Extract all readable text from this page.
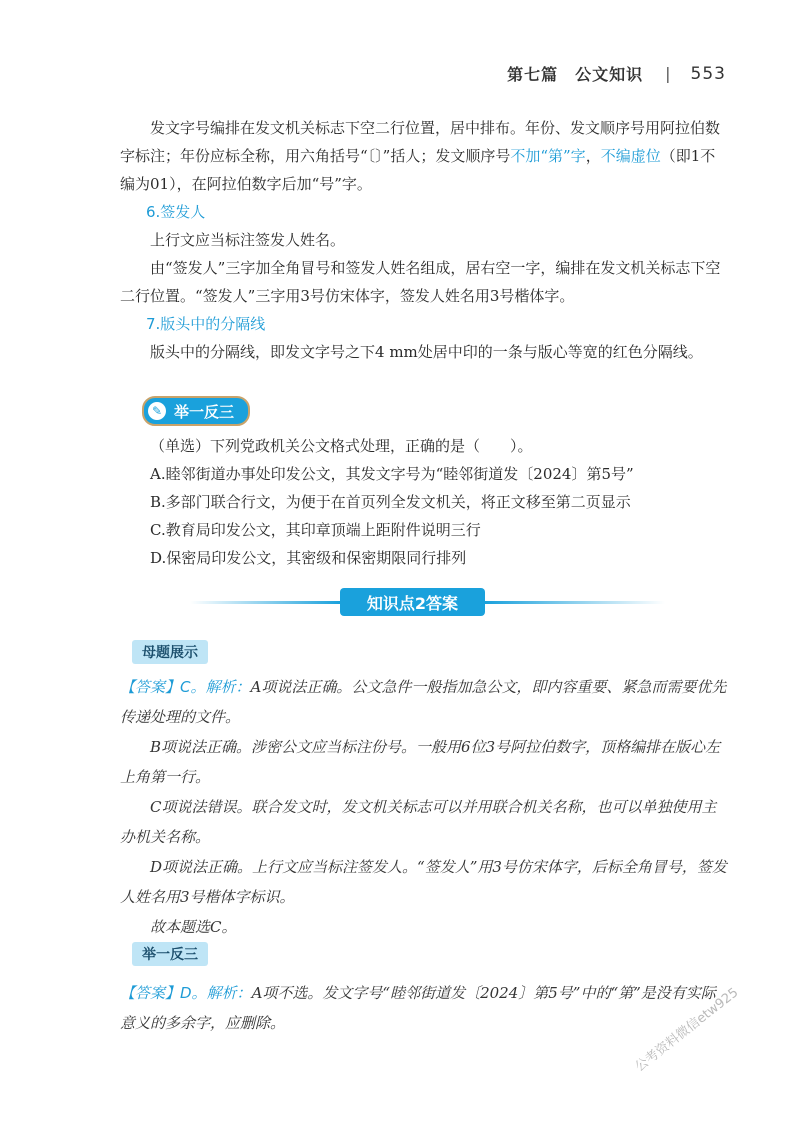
第七篇　公文知识 | 553

发文字号编排在发文机关标志下空二行位置，居中排布。年份、发文顺序号用阿拉伯数字标注；年份应标全称，用六角括号“〔〕”括人；发文顺序号不加“第”字，不编虚位（即1不编为01），在阿拉伯数字后加“号”字。

6.签发人

上行文应当标注签发人姓名。

由“签发人”三字加全角冒号和签发人姓名组成，居右空一字，编排在发文机关标志下空二行位置。“签发人”三字用3号仿宋体字，签发人姓名用3号楷体字。

7.版头中的分隔线

版头中的分隔线，即发文字号之下4 mm处居中印的一条与版心等宽的红色分隔线。

✎ 举一反三

（单选）下列党政机关公文格式处理，正确的是（　　）。

A.睦邻街道办事处印发公文，其发文字号为“睦邻街道发〔2024〕第5号”

B.多部门联合行文，为便于在首页列全发文机关，将正文移至第二页显示

C.教育局印发公文，其印章顶端上距附件说明三行

D.保密局印发公文，其密级和保密期限同行排列

知识点2答案
母题展示

【答案】C。解析：A项说法正确。公文急件一般指加急公文，即内容重要、紧急而需要优先传递处理的文件。

B项说法正确。涉密公文应当标注份号。一般用6位3号阿拉伯数字，顶格编排在版心左上角第一行。

C项说法错误。联合发文时，发文机关标志可以并用联合机关名称，也可以单独使用主办机关名称。

D项说法正确。上行文应当标注签发人。“签发人”用3号仿宋体字，后标全角冒号，签发人姓名用3号楷体字标识。

故本题选C。

举一反三

【答案】D。解析：A项不选。发文字号“睦邻街道发〔2024〕第5号”中的“第”是没有实际意义的多余字，应删除。	公考资料微信etw925
